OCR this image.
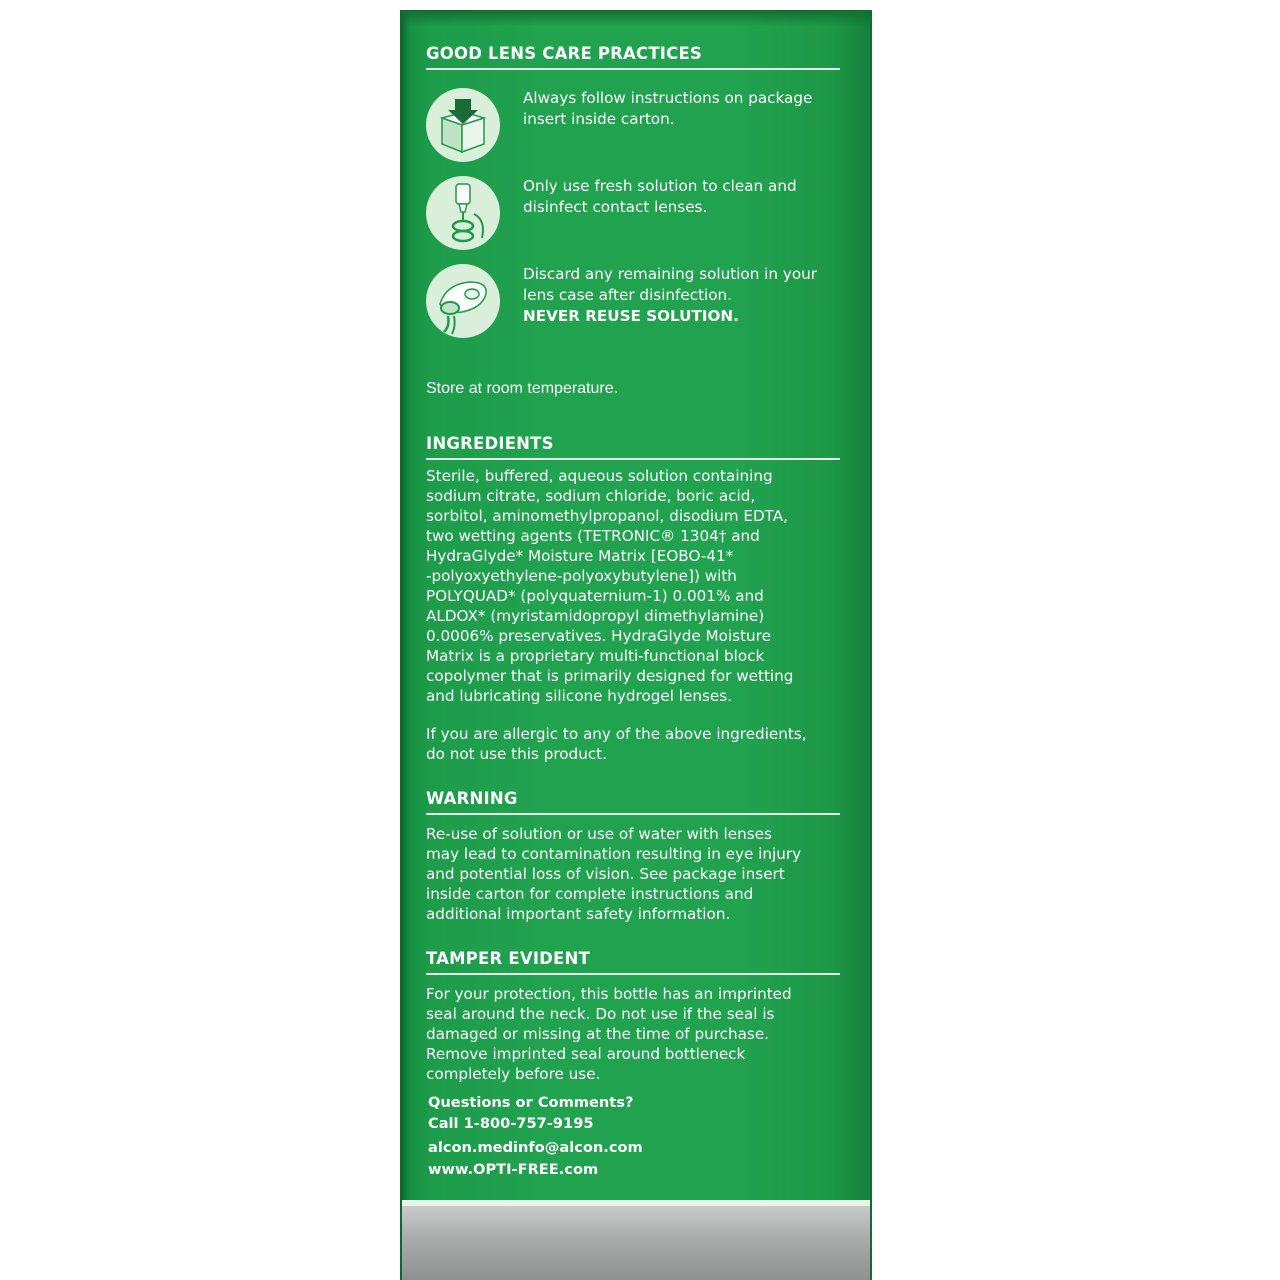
GOOD LENS CARE PRACTICES
Always follow instructions on package insert inside carton.
Only use fresh solution to clean and disinfect contact lenses.
Discard any remaining solution in your lens case after disinfection.
NEVER REUSE SOLUTION.
Store at room temperature.
INGREDIENTS
Sterile, buffered, aqueous solution containing
sodium citrate, sodium chloride, boric acid,
sorbitol, aminomethylpropanol, disodium EDTA,
two wetting agents (TETRONIC® 1304† and
HydraGlyde* Moisture Matrix [EOBO-41*
-polyoxyethylene-polyoxybutylene]) with
POLYQUAD* (polyquaternium-1) 0.001% and
ALDOX* (myristamidopropyl dimethylamine)
0.0006% preservatives. HydraGlyde Moisture
Matrix is a proprietary multi-functional block
copolymer that is primarily designed for wetting
and lubricating silicone hydrogel lenses.
If you are allergic to any of the above ingredients,
do not use this product.
WARNING
Re-use of solution or use of water with lenses
may lead to contamination resulting in eye injury
and potential loss of vision. See package insert
inside carton for complete instructions and
additional important safety information.
TAMPER EVIDENT
For your protection, this bottle has an imprinted
seal around the neck. Do not use if the seal is
damaged or missing at the time of purchase.
Remove imprinted seal around bottleneck
completely before use.
Questions or Comments?
Call 1-800-757-9195
alcon.medinfo@alcon.com
www.OPTI-FREE.com
